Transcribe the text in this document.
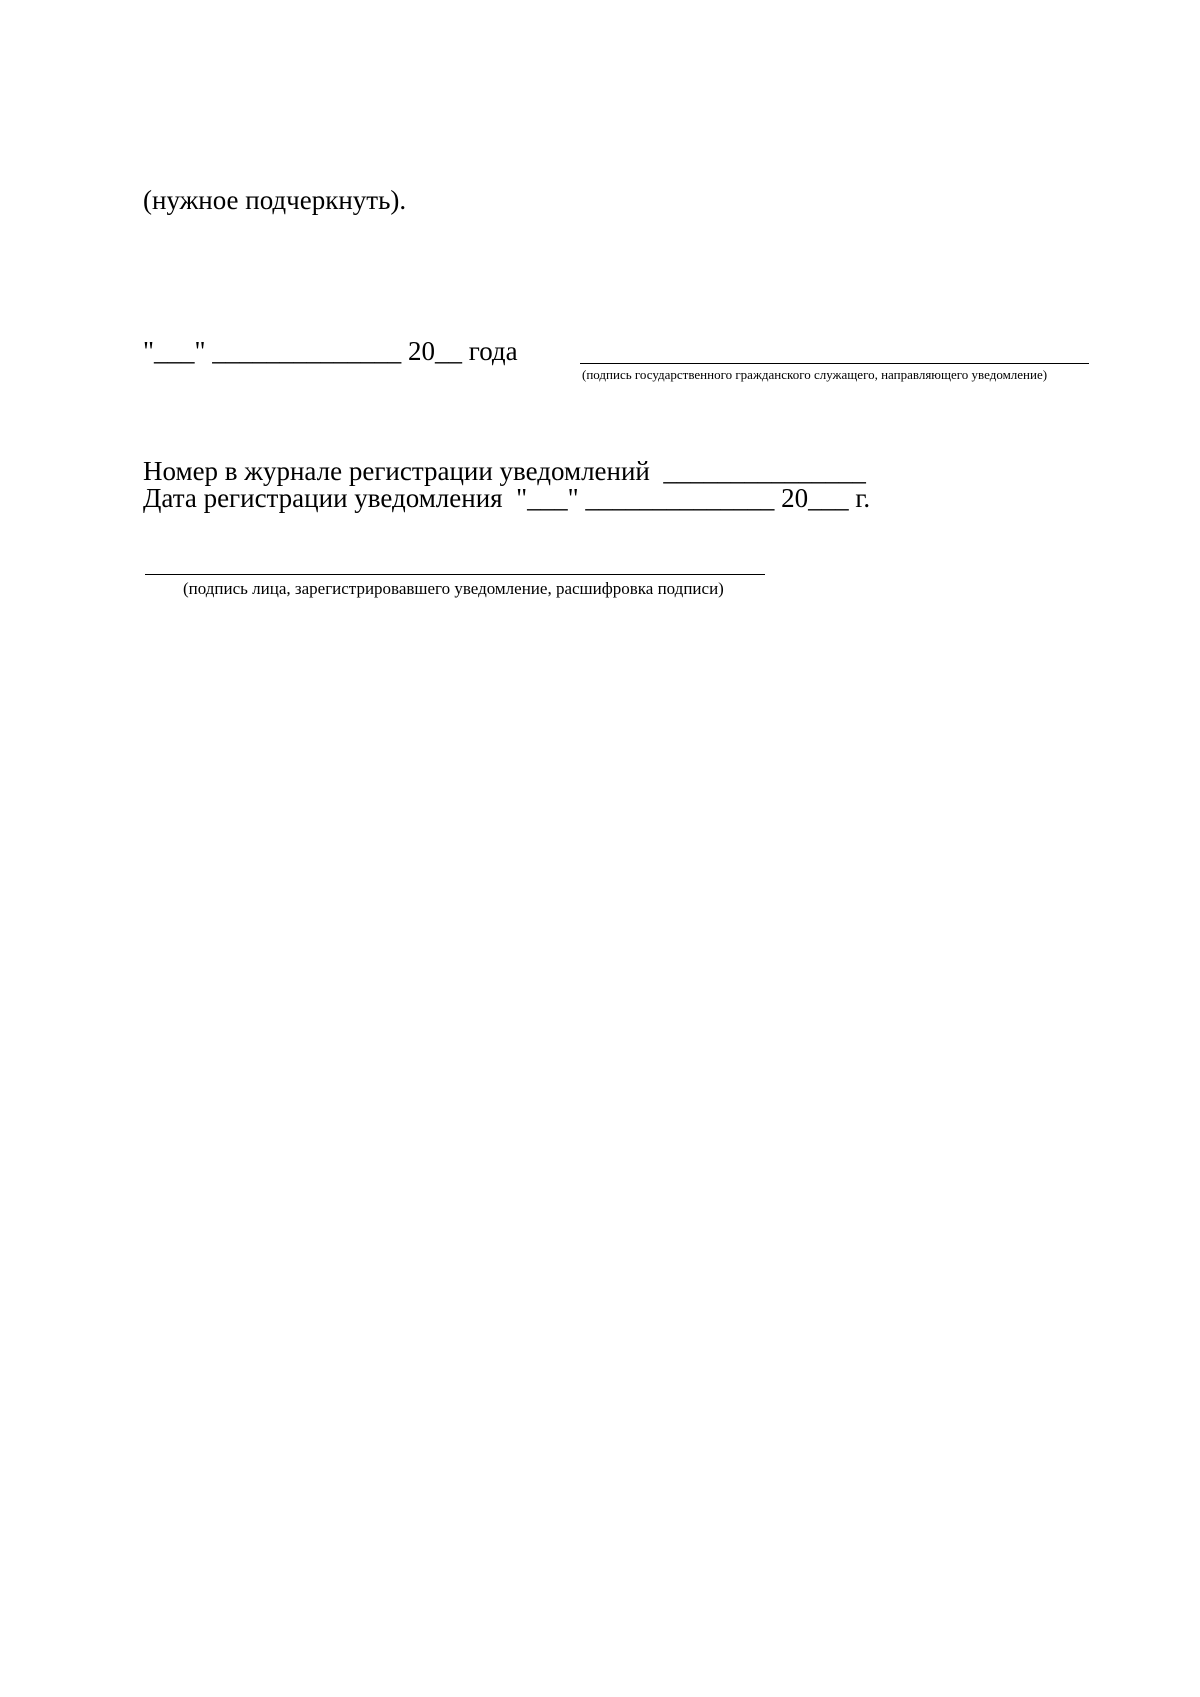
(нужное подчеркнуть).
"___" ______________ 20__ года
(подпись государственного гражданского служащего, направляющего уведомление)
Номер в журнале регистрации уведомлений  _______________
Дата регистрации уведомления  "___" ______________ 20___ г.
(подпись лица, зарегистрировавшего уведомление, расшифровка подписи)
